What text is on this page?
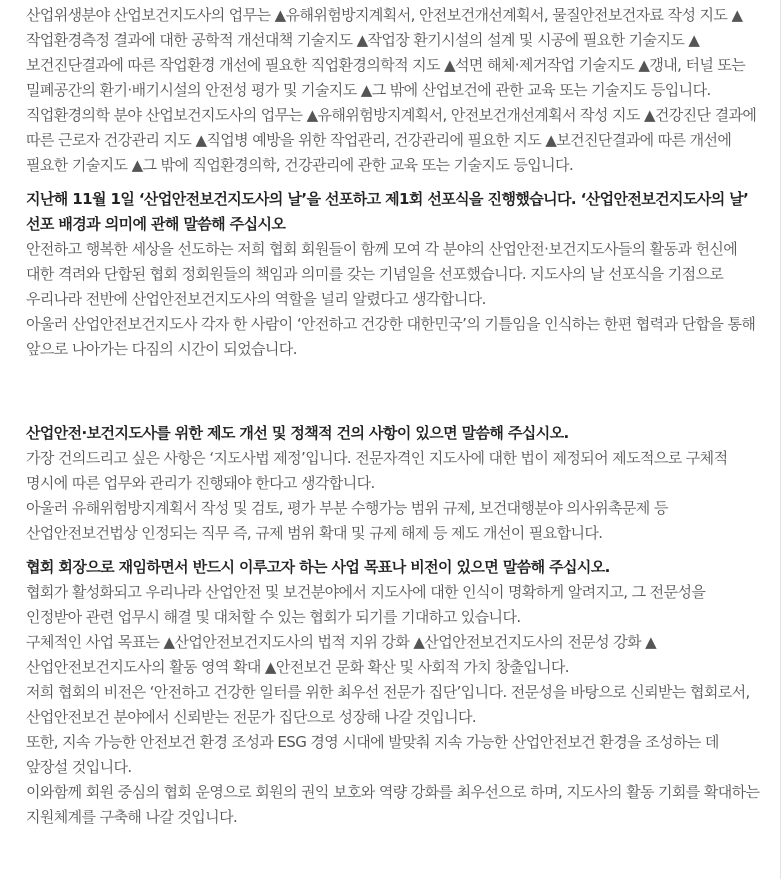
산업위생분야 산업보건지도사의 업무는 ▲유해위험방지계획서, 안전보건개선계획서, 물질안전보건자료 작성 지도 ▲작업환경측정 결과에 대한 공학적 개선대책 기술지도 ▲작업장 환기시설의 설계 및 시공에 필요한 기술지도 ▲보건진단결과에 따른 작업환경 개선에 필요한 직업환경의학적 지도 ▲석면 해체·제거작업 기술지도 ▲갱내, 터널 또는 밀폐공간의 환기·배기시설의 안전성 평가 및 기술지도 ▲그 밖에 산업보건에 관한 교육 또는 기술지도 등입니다.

직업환경의학 분야 산업보건지도사의 업무는 ▲유해위험방지계획서, 안전보건개선계획서 작성 지도 ▲건강진단 결과에 따른 근로자 건강관리 지도 ▲직업병 예방을 위한 작업관리, 건강관리에 필요한 지도 ▲보건진단결과에 따른 개선에 필요한 기술지도 ▲그 밖에 직업환경의학, 건강관리에 관한 교육 또는 기술지도 등입니다.

지난해 11월 1일 ‘산업안전보건지도사의 날’을 선포하고 제1회 선포식을 진행했습니다. ‘산업안전보건지도사의 날’ 선포 배경과 의미에 관해 말씀해 주십시오

안전하고 행복한 세상을 선도하는 저희 협회 회원들이 함께 모여 각 분야의 산업안전·보건지도사들의 활동과 헌신에 대한 격려와 단합된 협회 정회원들의 책임과 의미를 갖는 기념일을 선포했습니다. 지도사의 날 선포식을 기점으로 우리나라 전반에 산업안전보건지도사의 역할을 널리 알렸다고 생각합니다.

아울러 산업안전보건지도사 각자 한 사람이 ‘안전하고 건강한 대한민국’의 기틀임을 인식하는 한편 협력과 단합을 통해 앞으로 나아가는 다짐의 시간이 되었습니다.

산업안전·보건지도사를 위한 제도 개선 및 정책적 건의 사항이 있으면 말씀해 주십시오.

가장 건의드리고 싶은 사항은 ‘지도사법 제정’입니다. 전문자격인 지도사에 대한 법이 제정되어 제도적으로 구체적 명시에 따른 업무와 관리가 진행돼야 한다고 생각합니다.

아울러 유해위험방지계획서 작성 및 검토, 평가 부분 수행가능 범위 규제, 보건대행분야 의사위촉문제 등 산업안전보건법상 인정되는 직무 즉, 규제 범위 확대 및 규제 해제 등 제도 개선이 필요합니다.

협회 회장으로 재임하면서 반드시 이루고자 하는 사업 목표나 비전이 있으면 말씀해 주십시오.

협회가 활성화되고 우리나라 산업안전 및 보건분야에서 지도사에 대한 인식이 명확하게 알려지고, 그 전문성을 인정받아 관련 업무시 해결 및 대처할 수 있는 협회가 되기를 기대하고 있습니다.

구체적인 사업 목표는 ▲산업안전보건지도사의 법적 지위 강화 ▲산업안전보건지도사의 전문성 강화 ▲산업안전보건지도사의 활동 영역 확대 ▲안전보건 문화 확산 및 사회적 가치 창출입니다.

저희 협회의 비전은 ‘안전하고 건강한 일터를 위한 최우선 전문가 집단’입니다. 전문성을 바탕으로 신뢰받는 협회로서, 산업안전보건 분야에서 신뢰받는 전문가 집단으로 성장해 나갈 것입니다.

또한, 지속 가능한 안전보건 환경 조성과 ESG 경영 시대에 발맞춰 지속 가능한 산업안전보건 환경을 조성하는 데 앞장설 것입니다.

이와함께 회원 중심의 협회 운영으로 회원의 권익 보호와 역량 강화를 최우선으로 하며, 지도사의 활동 기회를 확대하는 지원체계를 구축해 나갈 것입니다.
